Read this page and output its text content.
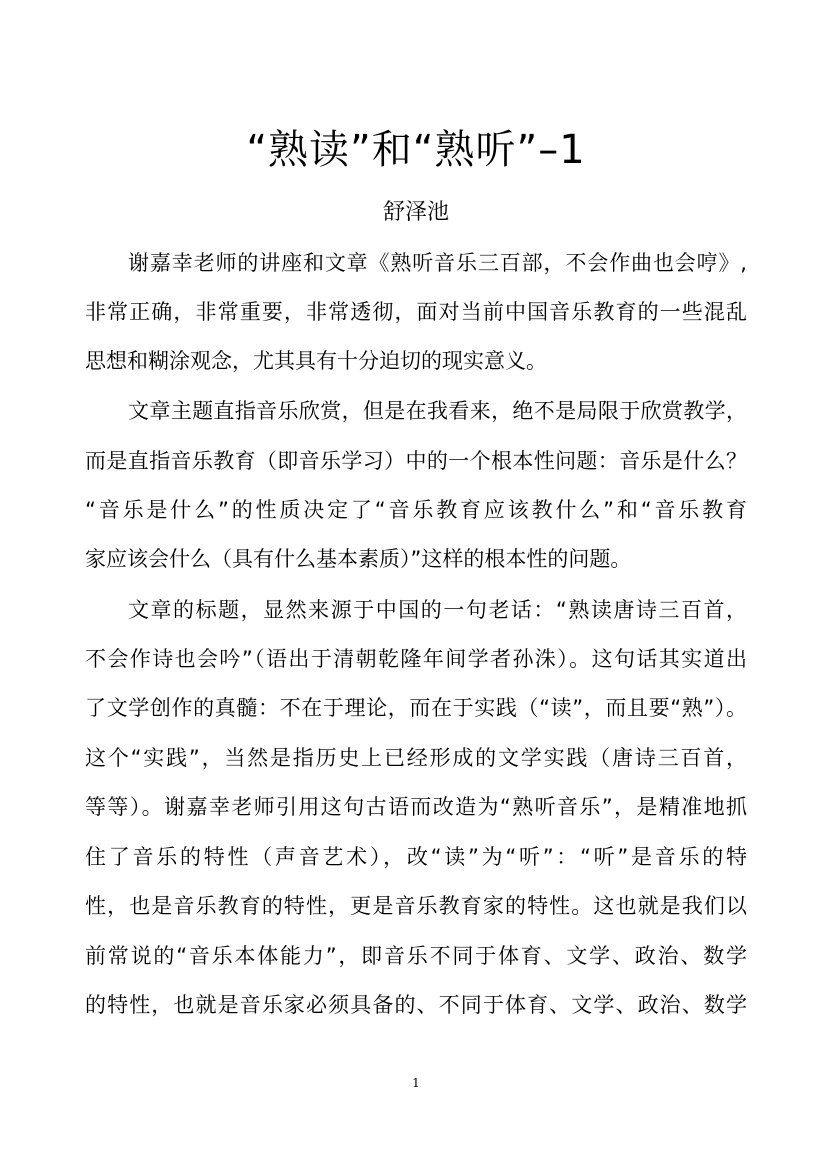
“熟读”和“熟听”–1
舒泽池
谢嘉幸老师的讲座和文章《熟听音乐三百部，不会作曲也会哼》,
非常正确，非常重要，非常透彻，面对当前中国音乐教育的一些混乱
思想和糊涂观念，尤其具有十分迫切的现实意义。
文章主题直指音乐欣赏，但是在我看来，绝不是局限于欣赏教学，
而是直指音乐教育（即音乐学习）中的一个根本性问题：音乐是什么？
“音乐是什么”的性质决定了“音乐教育应该教什么”和“音乐教育
家应该会什么（具有什么基本素质）”这样的根本性的问题。
文章的标题，显然来源于中国的一句老话：“熟读唐诗三百首，
不会作诗也会吟”（语出于清朝乾隆年间学者孙洙）。这句话其实道出
了文学创作的真髓：不在于理论，而在于实践（“读”，而且要“熟”）。
这个“实践”，当然是指历史上已经形成的文学实践（唐诗三百首，
等等）。谢嘉幸老师引用这句古语而改造为“熟听音乐”，是精准地抓
住了音乐的特性（声音艺术），改“读”为“听”：“听”是音乐的特
性，也是音乐教育的特性，更是音乐教育家的特性。这也就是我们以
前常说的“音乐本体能力”，即音乐不同于体育、文学、政治、数学
的特性，也就是音乐家必须具备的、不同于体育、文学、政治、数学
1
